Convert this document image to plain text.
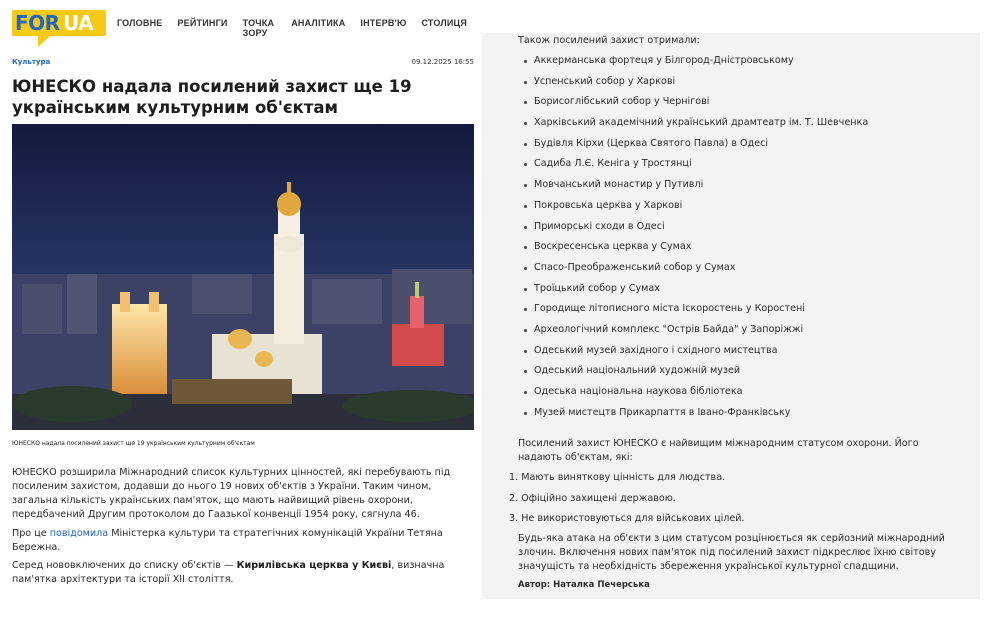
FOR UA	ГОЛОВНЕ РЕЙТИНГИ ТОЧКА ЗОРУ
АНАЛІТИКА ІНТЕРВ'Ю СТОЛИЦЯ
Культура	09.12.2025 16:55
ЮНЕСКО надала посилений захист ще 19 українським культурним об'єктам
ЮНЕСКО надала посилений захист ще 19 українським культурним об'єктам

ЮНЕСКО розширила Міжнародний список культурних цінностей, які перебувають під посиленим захистом, додавши до нього 19 нових об'єктів з України. Таким чином, загальна кількість українських пам'яток, що мають найвищий рівень охорони, передбачений Другим протоколом до Гаазької конвенції 1954 року, сягнула 46.

Про це повідомила Міністерка культури та стратегічних комунікацій України Тетяна Бережна.

Серед нововключених до списку об'єктів — Кирилівська церква у Києві, визначна пам'ятка архітектури та історії XII століття.

Також посилений захист отримали:
Аккерманська фортеця у Білгород-Дністровському
Успенський собор у Харкові
Борисоглібський собор у Чернігові
Харківський академічний український драмтеатр ім. Т. Шевченка
Будівля Кірхи (Церква Святого Павла) в Одесі
Садиба Л.Є. Кеніга у Тростянці
Мовчанський монастир у Путивлі
Покровська церква у Харкові
Приморські сходи в Одесі
Воскресенська церква у Сумах
Спасо-Преображенський собор у Сумах
Троїцький собор у Сумах
Городище літописного міста Іскоростень у Коростені
Археологічний комплекс "Острів Байда" у Запоріжжі
Одеський музей західного і східного мистецтва
Одеський національний художній музей
Одеська національна наукова бібліотека
Музей мистецтв Прикарпаття в Івано-Франківську

Посилений захист ЮНЕСКО є найвищим міжнародним статусом охорони. Його надають об'єктам, які:

1. Мають виняткову цінність для людства.
2. Офіційно захищені державою.
3. Не використовуються для військових цілей.

Будь-яка атака на об'єкти з цим статусом розцінюється як серйозний міжнародний злочин. Включення нових пам'яток під посилений захист підкреслює їхню світову значущість та необхідність збереження української культурної спадщини.

Автор: Наталка Печерська
